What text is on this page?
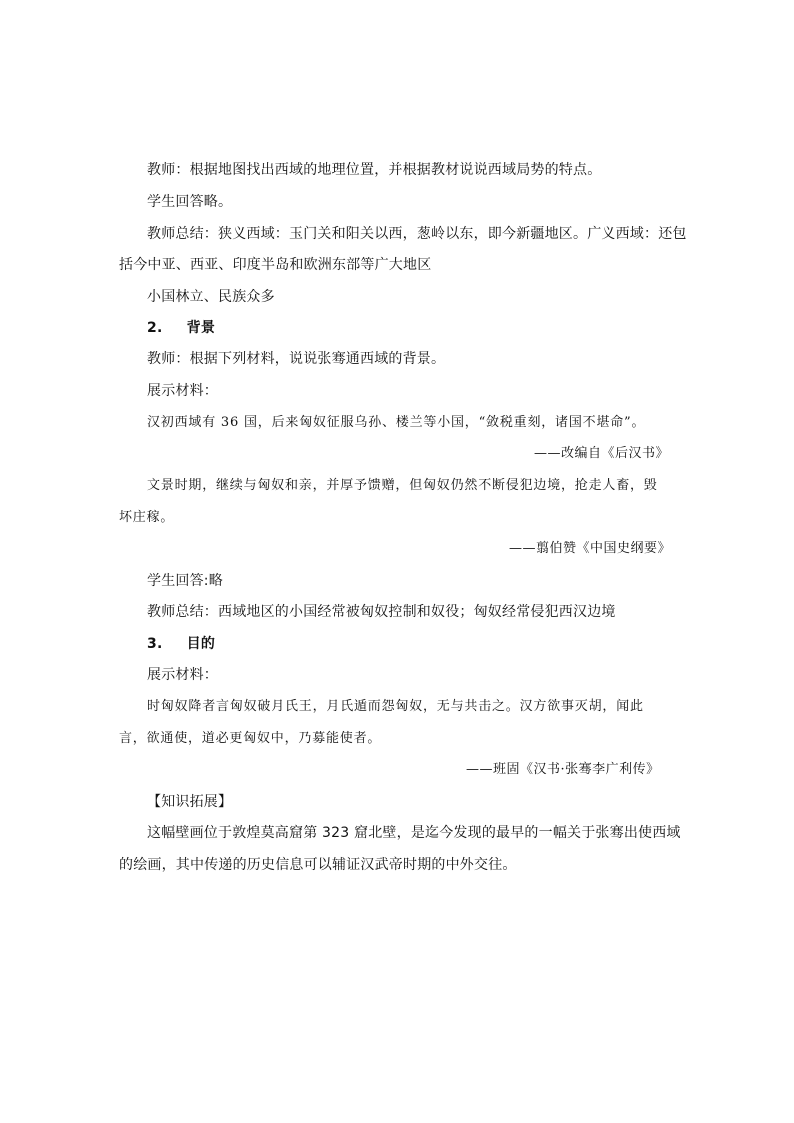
教师：根据地图找出西域的地理位置，并根据教材说说西域局势的特点。
学生回答略。
教师总结：狭义西域：玉门关和阳关以西，葱岭以东，即今新疆地区。广义西域：还包
括今中亚、西亚、印度半岛和欧洲东部等广大地区
小国林立、民族众多
2. 背景
教师：根据下列材料，说说张骞通西域的背景。
展示材料：
汉初西域有 36 国，后来匈奴征服乌孙、楼兰等小国，“敛税重刻，诸国不堪命”。
——改编自《后汉书》
文景时期，继续与匈奴和亲，并厚予馈赠，但匈奴仍然不断侵犯边境，抢走人畜，毁
坏庄稼。
——翦伯赞《中国史纲要》
学生回答:略
教师总结：西域地区的小国经常被匈奴控制和奴役；匈奴经常侵犯西汉边境
3. 目的
展示材料：
时匈奴降者言匈奴破月氏王，月氏遁而怨匈奴，无与共击之。汉方欲事灭胡，闻此
言，欲通使，道必更匈奴中，乃募能使者。
——班固《汉书·张骞李广利传》
【知识拓展】
这幅壁画位于敦煌莫高窟第 323 窟北壁，是迄今发现的最早的一幅关于张骞出使西域
的绘画，其中传递的历史信息可以辅证汉武帝时期的中外交往。
